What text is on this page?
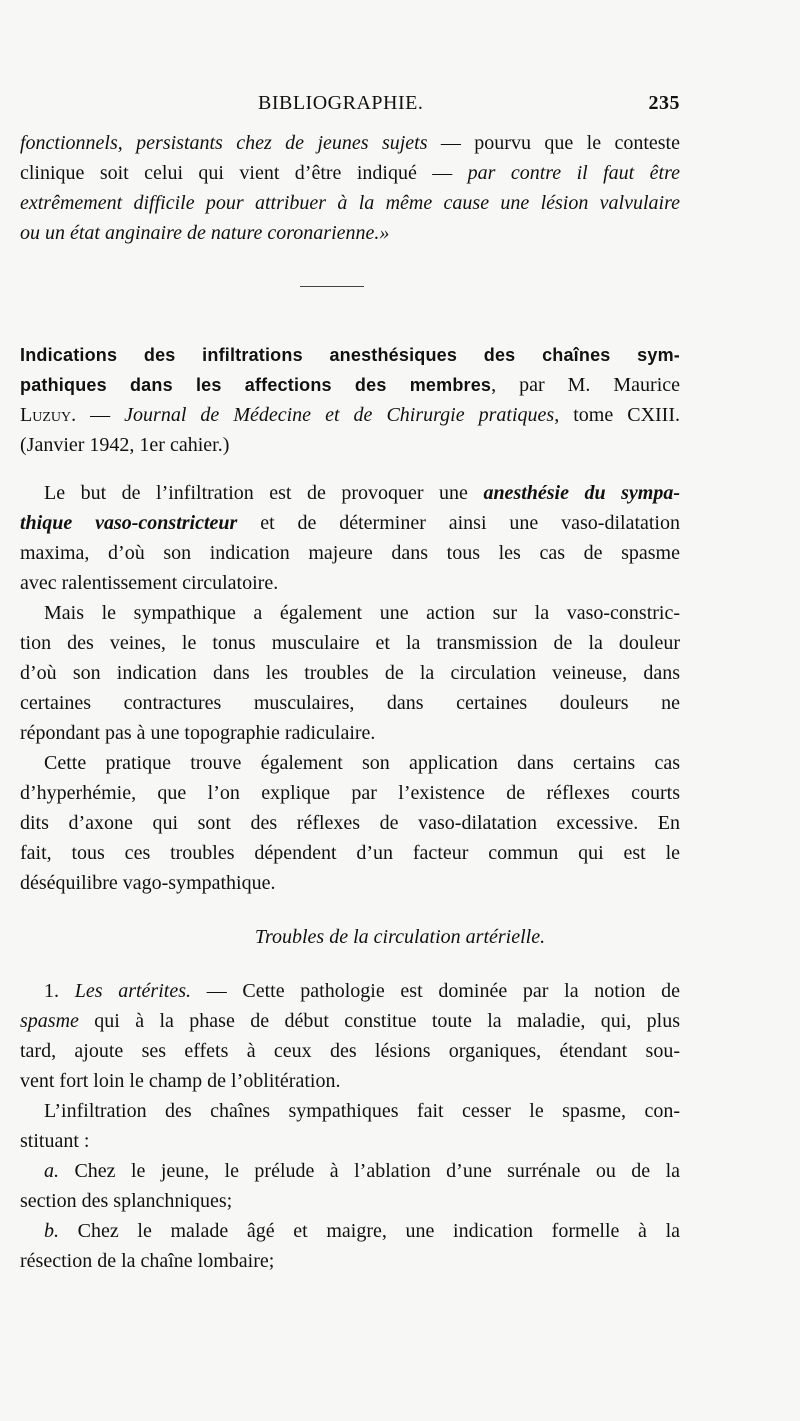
BIBLIOGRAPHIE.	235
fonctionnels, persistants chez de jeunes sujets — pourvu que le conteste
clinique soit celui qui vient d’être indiqué — par contre il faut être
extrêmement difficile pour attribuer à la même cause une lésion valvulaire
ou un état anginaire de nature coronarienne.»
Indications des infiltrations anesthésiques des chaînes sym-
pathiques dans les affections des membres, par M. Maurice
Luzuy. — Journal de Médecine et de Chirurgie pratiques, tome CXIII.
(Janvier 1942, 1er cahier.)
Le but de l’infiltration est de provoquer une anesthésie du sympa-
thique vaso-constricteur et de déterminer ainsi une vaso-dilatation
maxima, d’où son indication majeure dans tous les cas de spasme
avec ralentissement circulatoire.
Mais le sympathique a également une action sur la vaso-constric-
tion des veines, le tonus musculaire et la transmission de la douleur
d’où son indication dans les troubles de la circulation veineuse, dans
certaines contractures musculaires, dans certaines douleurs ne
répondant pas à une topographie radiculaire.
Cette pratique trouve également son application dans certains cas
d’hyperhémie, que l’on explique par l’existence de réflexes courts
dits d’axone qui sont des réflexes de vaso-dilatation excessive. En
fait, tous ces troubles dépendent d’un facteur commun qui est le
déséquilibre vago-sympathique.
Troubles de la circulation artérielle.
1. Les artérites. — Cette pathologie est dominée par la notion de
spasme qui à la phase de début constitue toute la maladie, qui, plus
tard, ajoute ses effets à ceux des lésions organiques, étendant sou-
vent fort loin le champ de l’oblitération.
L’infiltration des chaînes sympathiques fait cesser le spasme, con-
stituant :
a. Chez le jeune, le prélude à l’ablation d’une surrénale ou de la
section des splanchniques;
b. Chez le malade âgé et maigre, une indication formelle à la
résection de la chaîne lombaire;
